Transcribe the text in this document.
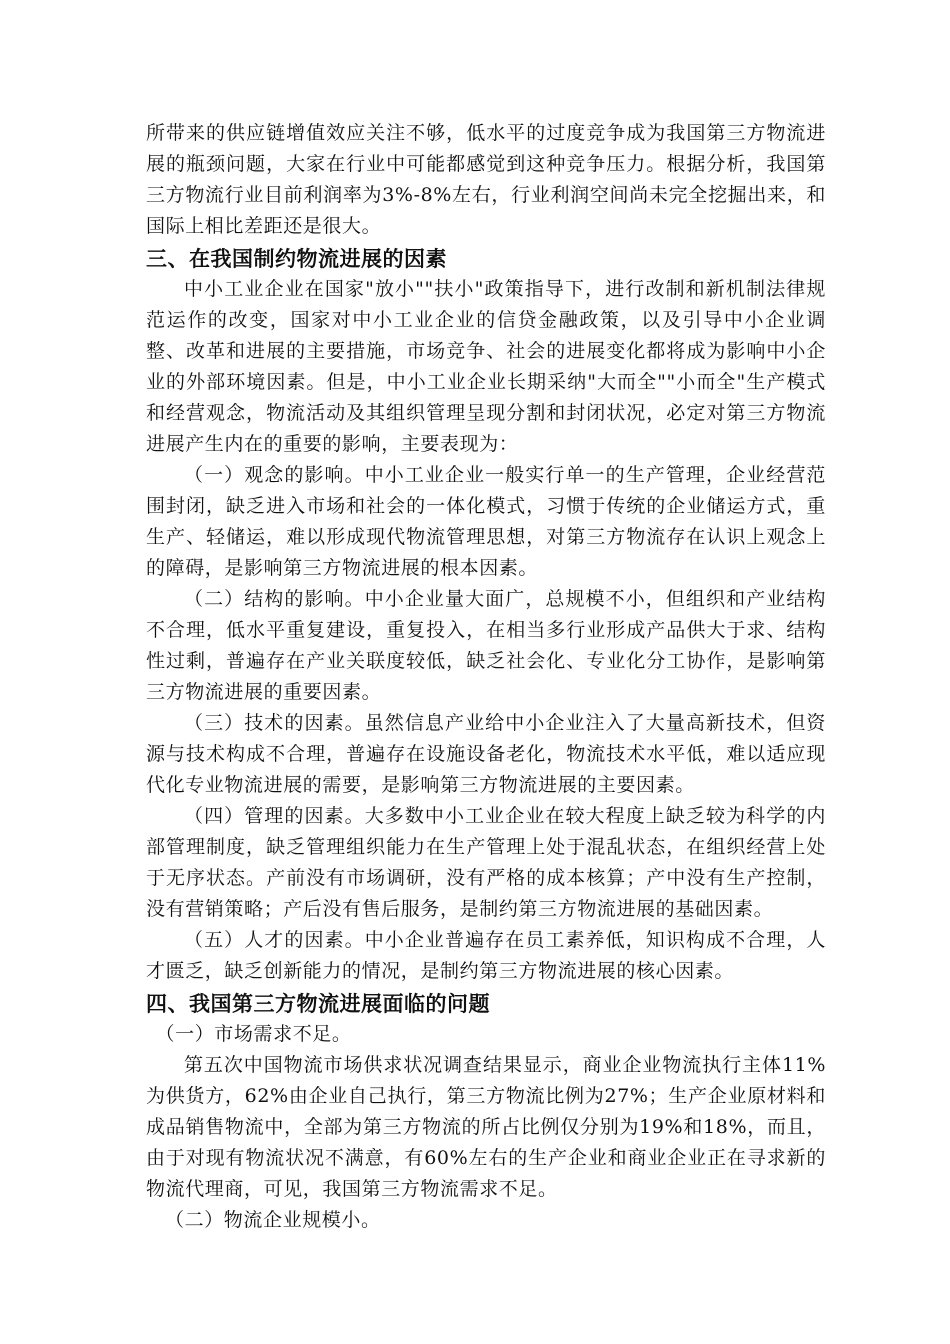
所带来的供应链增值效应关注不够，低水平的过度竞争成为我国第三方物流进展的瓶颈问题，大家在行业中可能都感觉到这种竞争压力。根据分析，我国第三方物流行业目前利润率为3%-8%左右，行业利润空间尚未完全挖掘出来，和国际上相比差距还是很大。

三、在我国制约物流进展的因素

中小工业企业在国家"放小""扶小"政策指导下，进行改制和新机制法律规范运作的改变，国家对中小工业企业的信贷金融政策，以及引导中小企业调整、改革和进展的主要措施，市场竞争、社会的进展变化都将成为影响中小企业的外部环境因素。但是，中小工业企业长期采纳"大而全""小而全"生产模式和经营观念，物流活动及其组织管理呈现分割和封闭状况，必定对第三方物流进展产生内在的重要的影响，主要表现为：

（一）观念的影响。中小工业企业一般实行单一的生产管理，企业经营范围封闭，缺乏进入市场和社会的一体化模式，习惯于传统的企业储运方式，重生产、轻储运，难以形成现代物流管理思想，对第三方物流存在认识上观念上的障碍，是影响第三方物流进展的根本因素。

（二）结构的影响。中小企业量大面广，总规模不小，但组织和产业结构不合理，低水平重复建设，重复投入，在相当多行业形成产品供大于求、结构性过剩，普遍存在产业关联度较低，缺乏社会化、专业化分工协作，是影响第三方物流进展的重要因素。

（三）技术的因素。虽然信息产业给中小企业注入了大量高新技术，但资源与技术构成不合理，普遍存在设施设备老化，物流技术水平低，难以适应现代化专业物流进展的需要，是影响第三方物流进展的主要因素。

（四）管理的因素。大多数中小工业企业在较大程度上缺乏较为科学的内部管理制度，缺乏管理组织能力在生产管理上处于混乱状态，在组织经营上处于无序状态。产前没有市场调研，没有严格的成本核算；产中没有生产控制，没有营销策略；产后没有售后服务，是制约第三方物流进展的基础因素。

（五）人才的因素。中小企业普遍存在员工素养低，知识构成不合理，人才匮乏，缺乏创新能力的情况，是制约第三方物流进展的核心因素。

四、我国第三方物流进展面临的问题

（一）市场需求不足。

第五次中国物流市场供求状况调查结果显示，商业企业物流执行主体11%为供货方，62%由企业自己执行，第三方物流比例为27%；生产企业原材料和成品销售物流中，全部为第三方物流的所占比例仅分别为19%和18%，而且，由于对现有物流状况不满意，有60%左右的生产企业和商业企业正在寻求新的物流代理商，可见，我国第三方物流需求不足。

（二）物流企业规模小。
